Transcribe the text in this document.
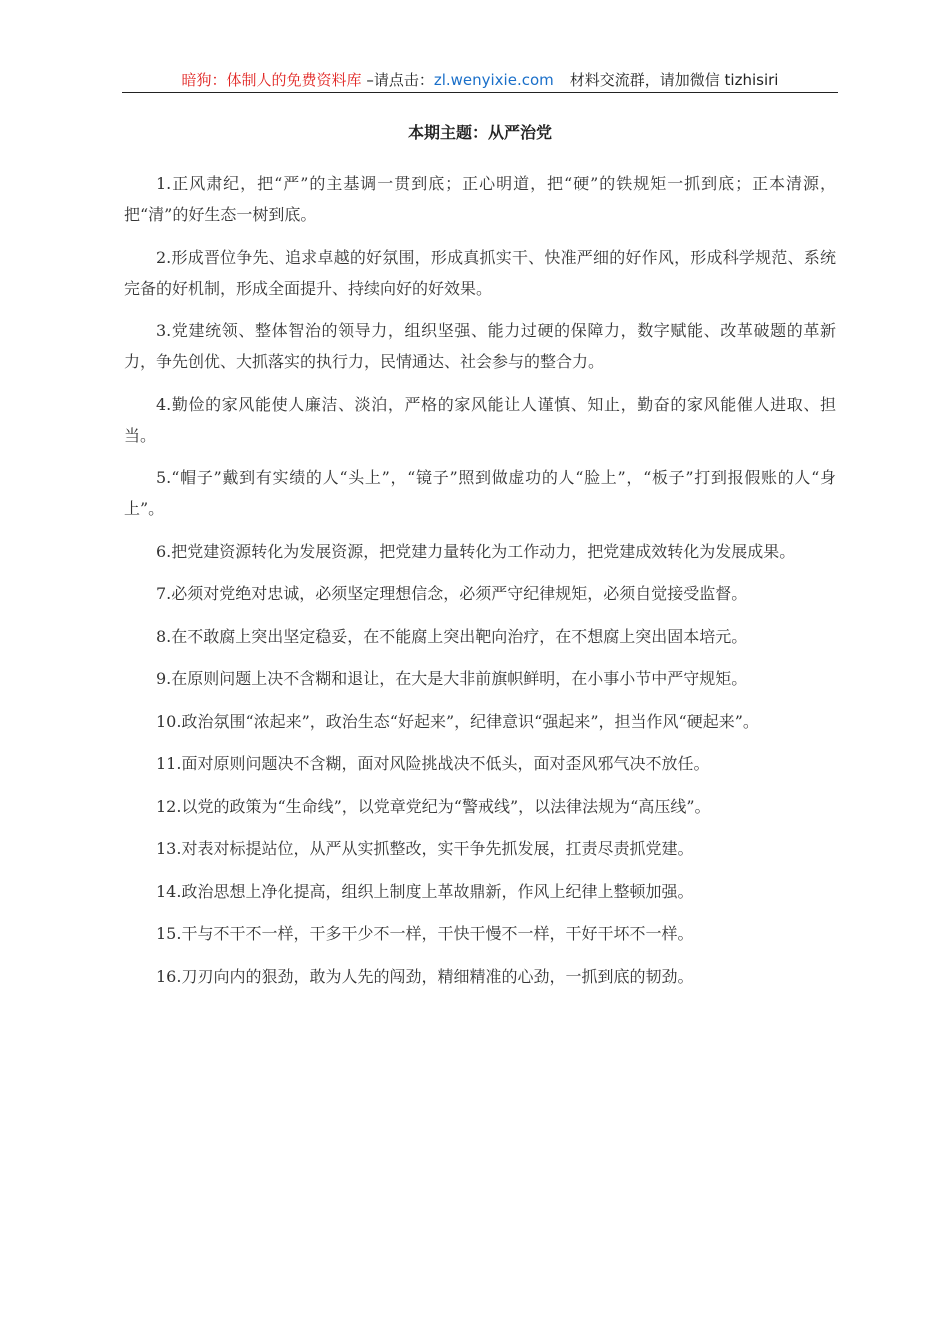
暗狗：体制人的免费资料库 –请点击：zl.wenyixie.com 材料交流群，请加微信 tizhisiri
本期主题：从严治党

1.正风肃纪，把“严”的主基调一贯到底；正心明道，把“硬”的铁规矩一抓到底；正本清源，把“清”的好生态一树到底。

2.形成晋位争先、追求卓越的好氛围，形成真抓实干、快准严细的好作风，形成科学规范、系统完备的好机制，形成全面提升、持续向好的好效果。

3.党建统领、整体智治的领导力，组织坚强、能力过硬的保障力，数字赋能、改革破题的革新力，争先创优、大抓落实的执行力，民情通达、社会参与的整合力。

4.勤俭的家风能使人廉洁、淡泊，严格的家风能让人谨慎、知止，勤奋的家风能催人进取、担当。

5.“帽子”戴到有实绩的人“头上”，“镜子”照到做虚功的人“脸上”，“板子”打到报假账的人“身上”。

6.把党建资源转化为发展资源，把党建力量转化为工作动力，把党建成效转化为发展成果。

7.必须对党绝对忠诚，必须坚定理想信念，必须严守纪律规矩，必须自觉接受监督。

8.在不敢腐上突出坚定稳妥，在不能腐上突出靶向治疗，在不想腐上突出固本培元。

9.在原则问题上决不含糊和退让，在大是大非前旗帜鲜明，在小事小节中严守规矩。

10.政治氛围“浓起来”，政治生态“好起来”，纪律意识“强起来”，担当作风“硬起来”。

11.面对原则问题决不含糊，面对风险挑战决不低头，面对歪风邪气决不放任。

12.以党的政策为“生命线”，以党章党纪为“警戒线”，以法律法规为“高压线”。

13.对表对标提站位，从严从实抓整改，实干争先抓发展，扛责尽责抓党建。

14.政治思想上净化提高，组织上制度上革故鼎新，作风上纪律上整顿加强。

15.干与不干不一样，干多干少不一样，干快干慢不一样，干好干坏不一样。

16.刀刃向内的狠劲，敢为人先的闯劲，精细精准的心劲，一抓到底的韧劲。
